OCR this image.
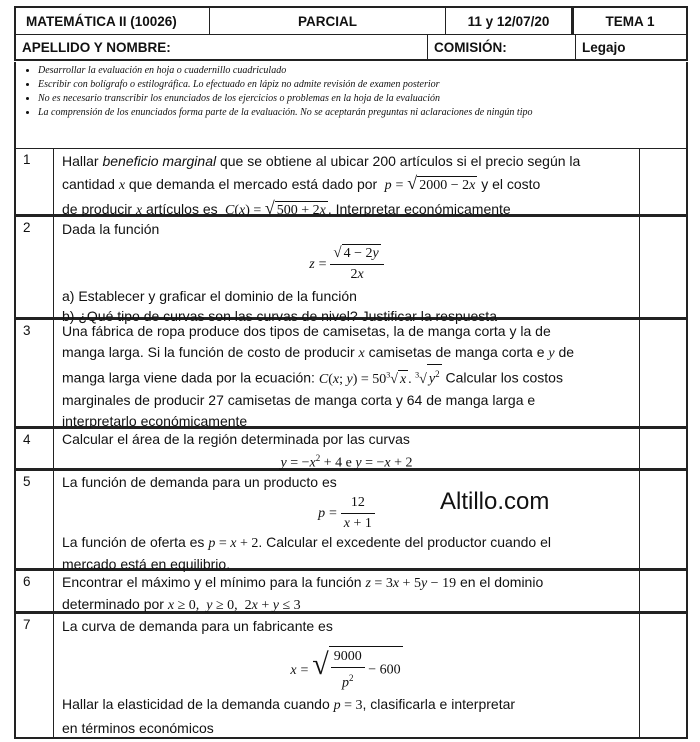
MATEMÁTICA II (10026)	PARCIAL	11 y 12/07/20	TEMA 1
APELLIDO Y NOMBRE:	COMISIÓN:	Legajo
• Desarrollar la evaluación en hoja o cuadernillo cuadriculado
• Escribir con bolígrafo o estilográfica. Lo efectuado en lápiz no admite revisión de examen posterior
• No es necesario transcribir los enunciados de los ejercicios o problemas en la hoja de la evaluación
• La comprensión de los enunciados forma parte de la evaluación. No se aceptarán preguntas ni aclaraciones de ningún tipo
1	Hallar beneficio marginal que se obtiene al ubicar 200 artículos si el precio según la
cantidad x que demanda el mercado está dado por  p = √ 2000 − 2x y el costo
de producir x artículos es  C(x) = √ 500 + 2x . Interpretar económicamente
2	Dada la función
$z = \frac{√ 4 - 2y}{2x}$
a) Establecer y graficar el dominio de la función
b) ¿Qué tipo de curvas son las curvas de nivel? Justificar la respuesta
3	Una fábrica de ropa produce dos tipos de camisetas, la de manga corta y la de
manga larga. Si la función de costo de producir x camisetas de manga corta e y de
manga larga viene dada por la ecuación: C(x; $y) = 50^3√$ x . $^3$√ $y^2$ Calcular los costos
marginales de producir 27 camisetas de manga corta y 64 de manga larga e
interpretarlo económicamente
4	Calcular el área de la región determinada por las curvas
$y = -x^2 + 4$ e y = −x + 2
5	La función de demanda para un producto es
$p = \frac{12}{x + 1}$
La función de oferta es p = x + 2. Calcular el excedente del productor cuando el
mercado está en equilibrio.
6	Encontrar el máximo y el mínimo para la función z = 3x + 5y − 19 en el dominio
determinado por x ≥ 0,  y ≥ 0,  2x + y ≤ 3
7	La curva de demanda para un fabricante es
x = √ $\frac{9000}{p^2} - 600$
Hallar la elasticidad de la demanda cuando p = 3, clasificarla e interpretar
en términos económicos
Altillo.com
